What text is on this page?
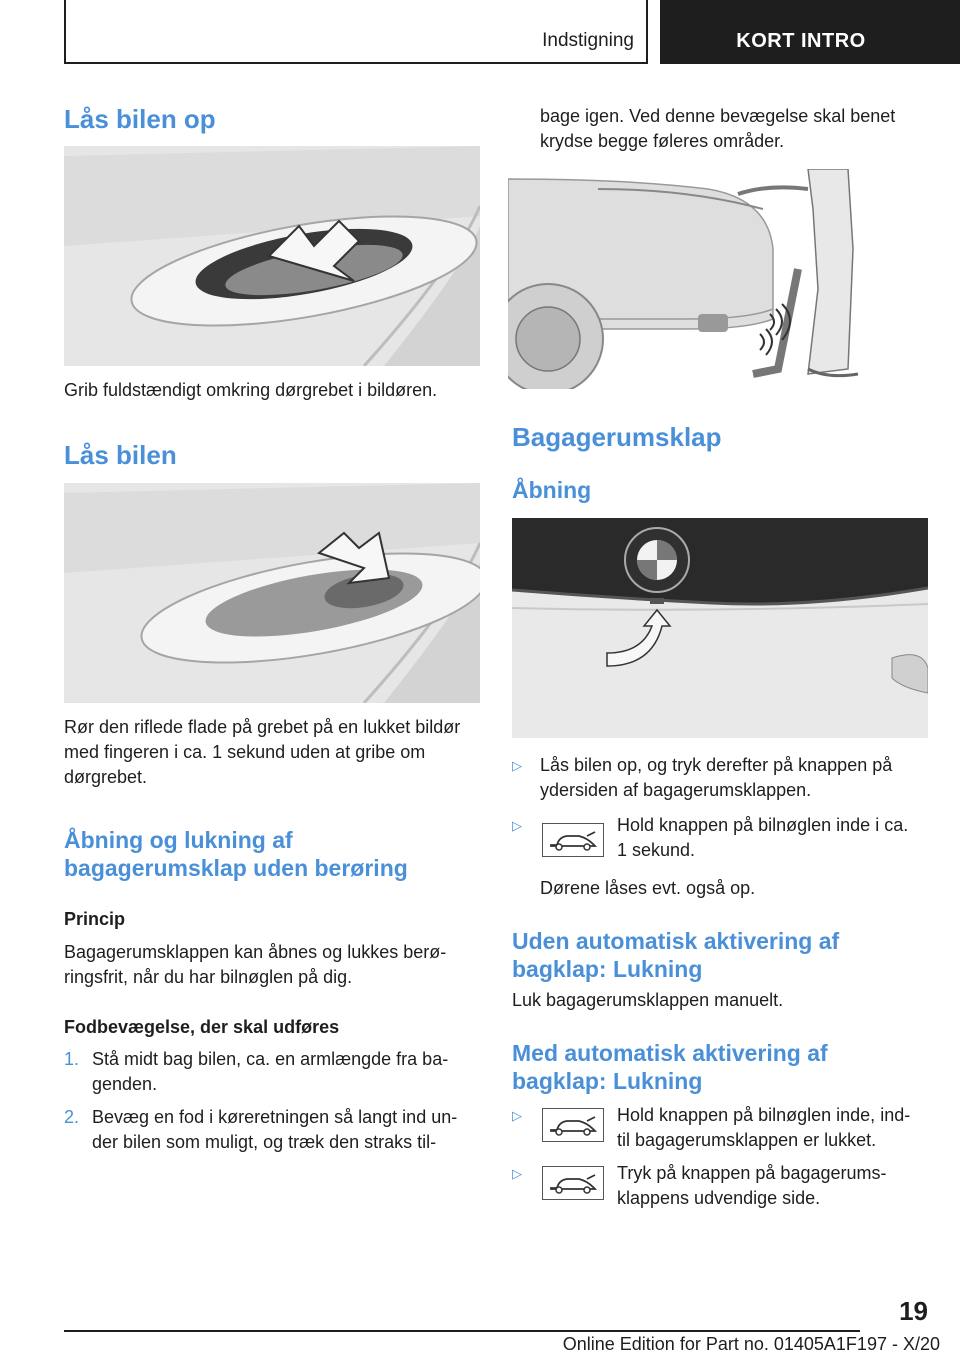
Indstigning	KORT INTRO
Lås bilen op
Grib fuldstændigt omkring dørgrebet i bildøren.
Lås bilen
Rør den riflede flade på grebet på en lukket bildør
med fingeren i ca. 1 sekund uden at gribe om
dørgrebet.
Åbning og lukning af
bagagerumsklap uden berøring
Princip
Bagagerumsklappen kan åbnes og lukkes berø-
ringsfrit, når du har bilnøglen på dig.
Fodbevægelse, der skal udføres
1. Stå midt bag bilen, ca. en armlængde fra ba-
genden.
2. Bevæg en fod i køreretningen så langt ind un-
der bilen som muligt, og træk den straks til-
bage igen. Ved denne bevægelse skal benet
krydse begge føleres områder.
Bagagerumsklap
Åbning
▷ Lås bilen op, og tryk derefter på knappen på
ydersiden af bagagerumsklappen.
▷	Hold knappen på bilnøglen inde i ca.
1 sekund.
Dørene låses evt. også op.
Uden automatisk aktivering af
bagklap: Lukning
Luk bagagerumsklappen manuelt.
Med automatisk aktivering af
bagklap: Lukning
▷	Hold knappen på bilnøglen inde, ind-
til bagagerumsklappen er lukket.
▷	Tryk på knappen på bagagerums-
klappens udvendige side.
19
Online Edition for Part no. 01405A1F197 - X/20
